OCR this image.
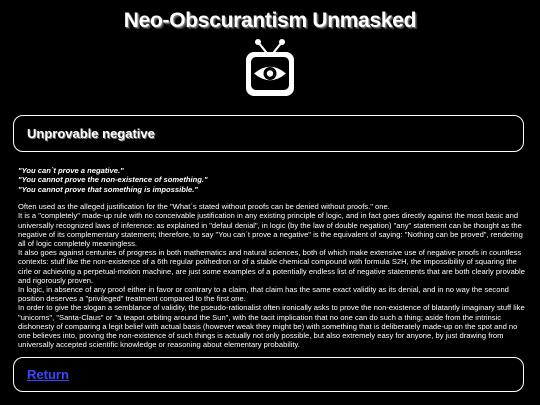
Neo-Obscurantism Unmasked
Unprovable negative
"You can`t prove a negative."
"You cannot prove the non-existence of something."
"You cannot prove that something is impossible."

Often used as the alleged justification for the "What´s stated without proofs can be denied without proofs." one.

It is a "completely" made-up rule with no conceivable justification in any existing principle of logic, and in fact goes directly against the most basic and universally recognized laws of inference: as explained in "defaul denial", in logic (by the law of double negation) "any" statement can be thought as the negative of its complementary statement; therefore, to say "You can´t prove a negative" is the equivalent of saying: "Nothing can be proved", rendering all of logic completely meaningless.

It also goes against centuries of progress in both mathematics and natural sciences, both of which make extensive use of negative proofs in countless contexts: stuff like the non-existence of a 6th regular polihedron or of a stable chemical compound with formula S2H, the impossibility of squaring the cirle or achieving a perpetual-motion machine, are just some examples of a potentially endless list of negative statements that are both clearly provable and rigorously proven.

In logic, in absence of any proof either in favor or contrary to a claim, that claim has the same exact validity as its denial, and in no way the second position deserves a "privileged" treatment compared to the first one.

In order to give the slogan a semblance of validity, the pseudo-rationalist often ironically asks to prove the non-existence of blatantly imaginary stuff like "unicorns", "Santa-Claus" or "a teapot orbiting around the Sun", with the tacit implication that no one can do such a thing; aside from the intrinsic dishonesty of comparing a legit belief with actual basis (however weak they might be) with something that is deliberately made-up on the spot and no one believes into, proving the non-existence of such things is actually not only possible, but also extremely easy for anyone, by just drawing from universally accepted scientific knowledge or reasoning about elementary probability.

Return
